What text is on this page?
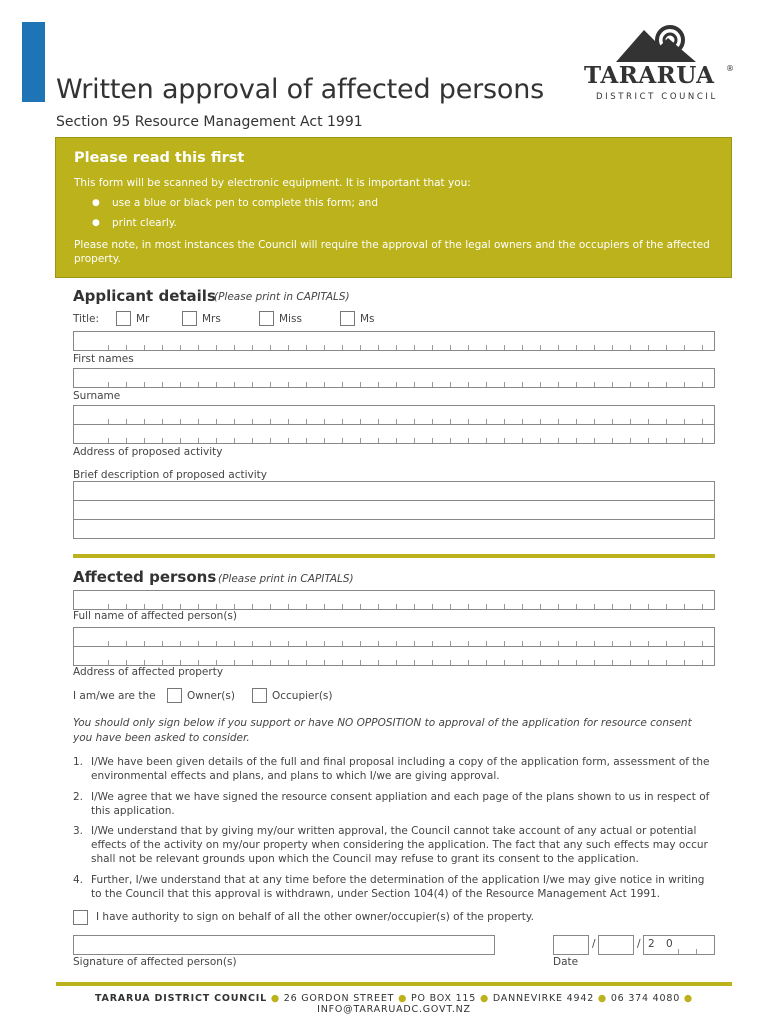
Written approval of affected persons
Section 95 Resource Management Act 1991
TARARUA	®
DISTRICT COUNCIL
Please read this first
This form will be scanned by electronic equipment. It is important that you:
● use a blue or black pen to complete this form; and
● print clearly.
Please note, in most instances the Council will require the approval of the legal owners and the occupiers of the affected property.
Applicant details
(Please print in CAPITALS)
Title:	Mr	Mrs	Miss	Ms
First names
Surname
Address of proposed activity
Brief description of proposed activity
Affected persons (Please print in CAPITALS)
Full name of affected person(s)
Address of affected property
I am/we are the	Owner(s)	Occupier(s)
You should only sign below if you support or have NO OPPOSITION to approval of the application for resource consent you have been asked to consider.
1. I/We have been given details of the full and final proposal including a copy of the application form, assessment of the environmental effects and plans, and plans to which I/we are giving approval.
2. I/We agree that we have signed the resource consent appliation and each page of the plans shown to us in respect of this application.
3. I/We understand that by giving my/our written approval, the Council cannot take account of any actual or potential effects of the activity on my/our property when considering the application. The fact that any such effects may occur shall not be relevant grounds upon which the Council may refuse to grant its consent to the application.
4. Further, I/we understand that at any time before the determination of the application I/we may give notice in writing to the Council that this approval is withdrawn, under Section 104(4) of the Resource Management Act 1991.
I have authority to sign on behalf of all the other owner/occupier(s) of the property.
Signature of affected person(s)
/	/ 2 0
Date
TARARUA DISTRICT COUNCIL ● 26 GORDON STREET ● PO BOX 115 ● DANNEVIRKE 4942 ● 06 374 4080 ● INFO@TARARUADC.GOVT.NZ
